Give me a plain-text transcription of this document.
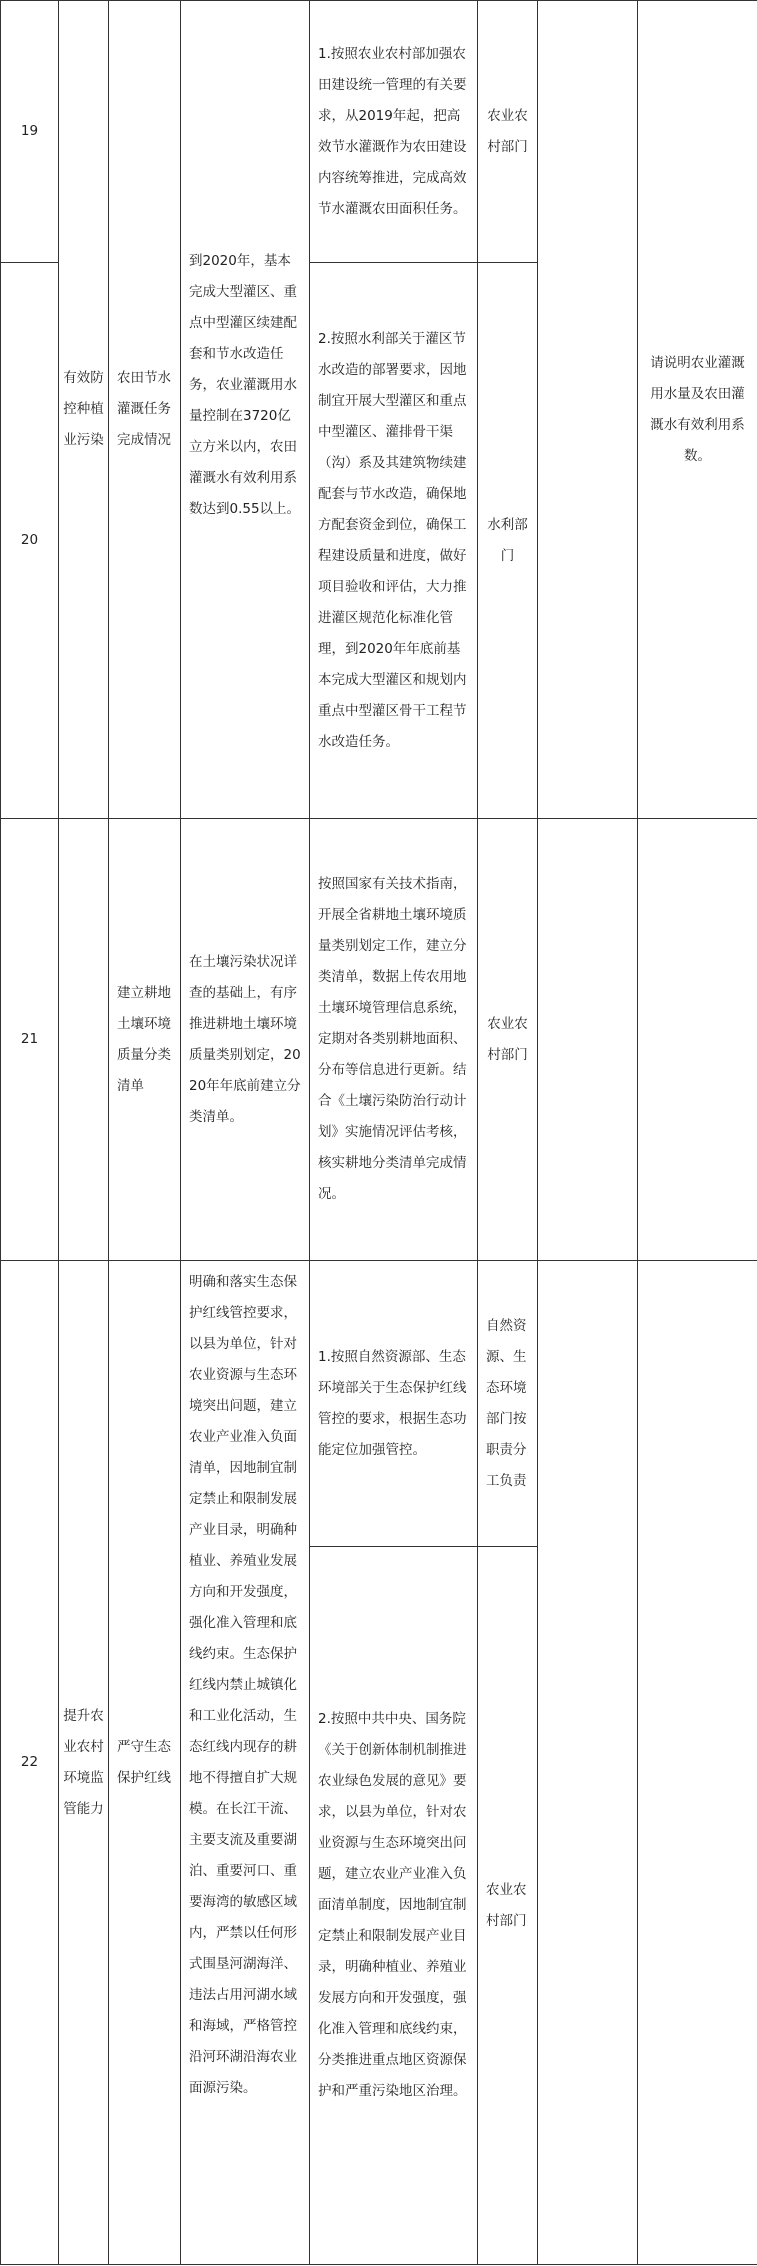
19	有效防控种植业污染	农田节水灌溉任务完成情况	到2020年，基本完成大型灌区、重点中型灌区续建配套和节水改造任务，农业灌溉用水量控制在3720亿立方米以内，农田灌溉水有效利用系数达到0.55以上。	1.按照农业农村部加强农田建设统一管理的有关要求，从2019年起，把高效节水灌溉作为农田建设内容统筹推进，完成高效节水灌溉农田面积任务。	农业农村部门		请说明农业灌溉用水量及农田灌溉水有效利用系数。
20				2.按照水利部关于灌区节水改造的部署要求，因地制宜开展大型灌区和重点中型灌区、灌排骨干渠（沟）系及其建筑物续建配套与节水改造，确保地方配套资金到位，确保工程建设质量和进度，做好项目验收和评估，大力推进灌区规范化标准化管理，到2020年年底前基本完成大型灌区和规划内重点中型灌区骨干工程节水改造任务。	水利部门		
21		建立耕地土壤环境质量分类清单	在土壤污染状况详查的基础上，有序推进耕地土壤环境质量类别划定，2020年年底前建立分类清单。	按照国家有关技术指南，开展全省耕地土壤环境质量类别划定工作，建立分类清单，数据上传农用地土壤环境管理信息系统，定期对各类别耕地面积、分布等信息进行更新。结合《土壤污染防治行动计划》实施情况评估考核，核实耕地分类清单完成情况。	农业农村部门		
22	提升农业农村环境监管能力	严守生态保护红线	明确和落实生态保护红线管控要求，以县为单位，针对农业资源与生态环境突出问题，建立农业产业准入负面清单，因地制宜制定禁止和限制发展产业目录，明确种植业、养殖业发展方向和开发强度，强化准入管理和底线约束。生态保护红线内禁止城镇化和工业化活动，生态红线内现存的耕地不得擅自扩大规模。在长江干流、主要支流及重要湖泊、重要河口、重要海湾的敏感区域内，严禁以任何形式围垦河湖海洋、违法占用河湖水域和海域，严格管控沿河环湖沿海农业面源污染。	1.按照自然资源部、生态环境部关于生态保护红线管控的要求，根据生态功能定位加强管控。	自然资源、生态环境部门按职责分工负责		
				2.按照中共中央、国务院《关于创新体制机制推进农业绿色发展的意见》要求，以县为单位，针对农业资源与生态环境突出问题，建立农业产业准入负面清单制度，因地制宜制定禁止和限制发展产业目录，明确种植业、养殖业发展方向和开发强度，强化准入管理和底线约束，分类推进重点地区资源保护和严重污染地区治理。	农业农村部门		
